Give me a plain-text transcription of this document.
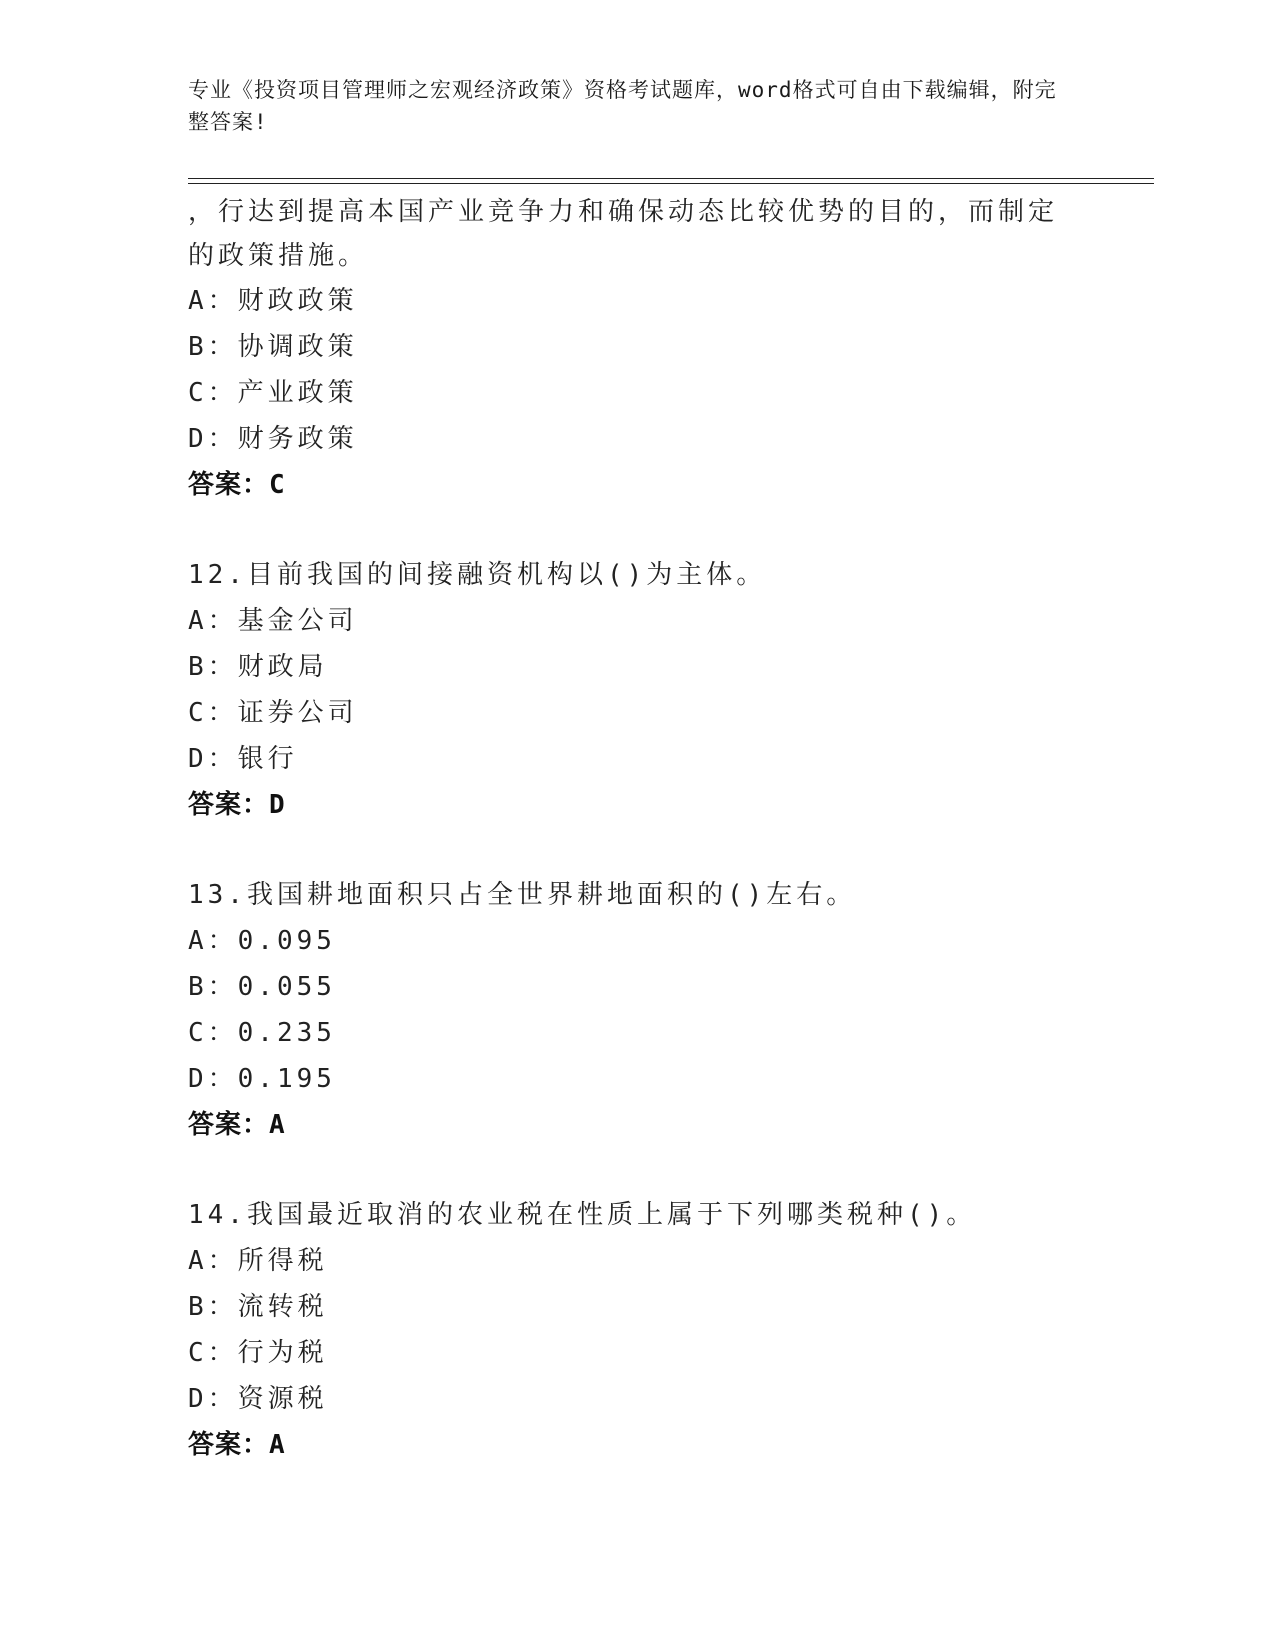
专业《投资项目管理师之宏观经济政策》资格考试题库，word格式可自由下载编辑，附完整答案!
，行达到提高本国产业竞争力和确保动态比较优势的目的，而制定的政策措施。
A：财政政策
B：协调政策
C：产业政策
D：财务政策
答案：C
12.目前我国的间接融资机构以()为主体。
A：基金公司
B：财政局
C：证券公司
D：银行
答案：D
13.我国耕地面积只占全世界耕地面积的()左右。
A：0.095
B：0.055
C：0.235
D：0.195
答案：A
14.我国最近取消的农业税在性质上属于下列哪类税种()。
A：所得税
B：流转税
C：行为税
D：资源税
答案：A
